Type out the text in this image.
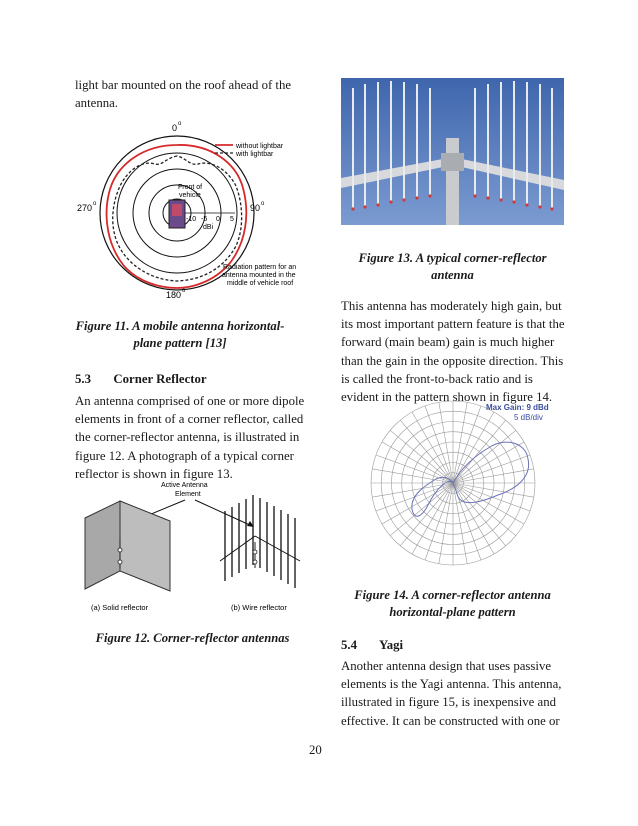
light bar mounted on the roof ahead of the antenna.
0 o
90 o
270 o
180 o
without lightbar
with lightbar
Front of
vehicle
-10 -5 0 5
dBi
Radiation pattern for an
antenna mounted in the
middle of vehicle roof
Figure 11. A mobile antenna horizontal-
plane pattern [13]
5.3 Corner Reflector
An antenna comprised of one or more dipole elements in front of a corner reflector, called the corner-reflector antenna, is illustrated in figure 12. A photograph of a typical corner reflector is shown in figure 13.
Active Antenna
Element
(a) Solid reflector	(b) Wire reflector
Figure 12. Corner-reflector antennas
Figure 13. A typical corner-reflector
antenna
This antenna has moderately high gain, but its most important pattern feature is that the forward (main beam) gain is much higher than the gain in the opposite direction. This is called the front-to-back ratio and is evident in the pattern shown in figure 14.
Max Gain: 9 dBd
5 dB/div
Figure 14. A corner-reflector antenna
horizontal-plane pattern
5.4 Yagi
Another antenna design that uses passive elements is the Yagi antenna. This antenna, illustrated in figure 15, is inexpensive and effective. It can be constructed with one or
20
